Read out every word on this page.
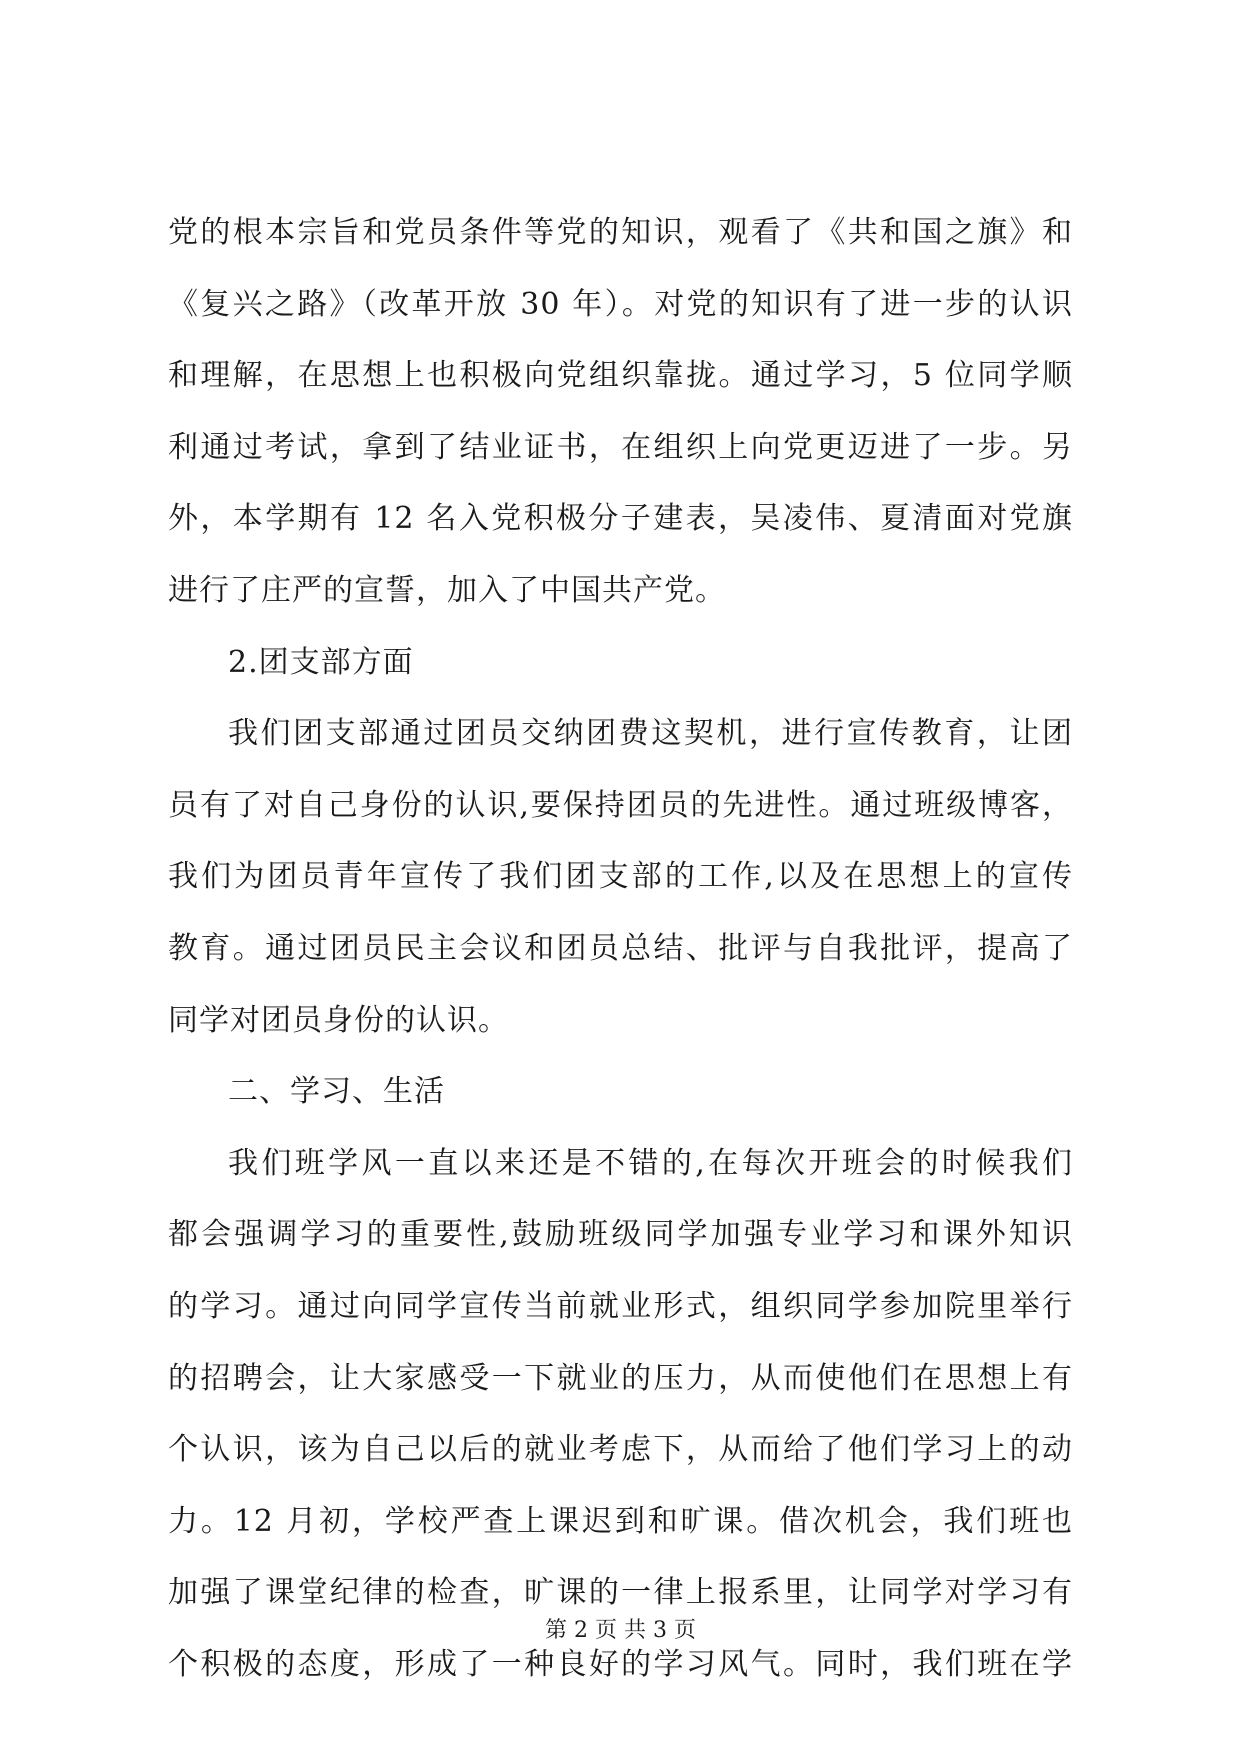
党的根本宗旨和党员条件等党的知识，观看了《共和国之旗》和
《复兴之路》（改革开放 30 年）。对党的知识有了进一步的认识
和理解，在思想上也积极向党组织靠拢。通过学习，5 位同学顺
利通过考试，拿到了结业证书，在组织上向党更迈进了一步。另
外，本学期有 12 名入党积极分子建表，吴凌伟、夏清面对党旗
进行了庄严的宣誓，加入了中国共产党。
2.团支部方面
我们团支部通过团员交纳团费这契机，进行宣传教育，让团
员有了对自己身份的认识,要保持团员的先进性。通过班级博客，
我们为团员青年宣传了我们团支部的工作,以及在思想上的宣传
教育。通过团员民主会议和团员总结、批评与自我批评，提高了
同学对团员身份的认识。
二、学习、生活
我们班学风一直以来还是不错的,在每次开班会的时候我们
都会强调学习的重要性,鼓励班级同学加强专业学习和课外知识
的学习。通过向同学宣传当前就业形式，组织同学参加院里举行
的招聘会，让大家感受一下就业的压力，从而使他们在思想上有
个认识，该为自己以后的就业考虑下，从而给了他们学习上的动
力。12 月初，学校严查上课迟到和旷课。借次机会，我们班也
加强了课堂纪律的检查，旷课的一律上报系里，让同学对学习有
个积极的态度，形成了一种良好的学习风气。同时，我们班在学
第 2 页 共 3 页
